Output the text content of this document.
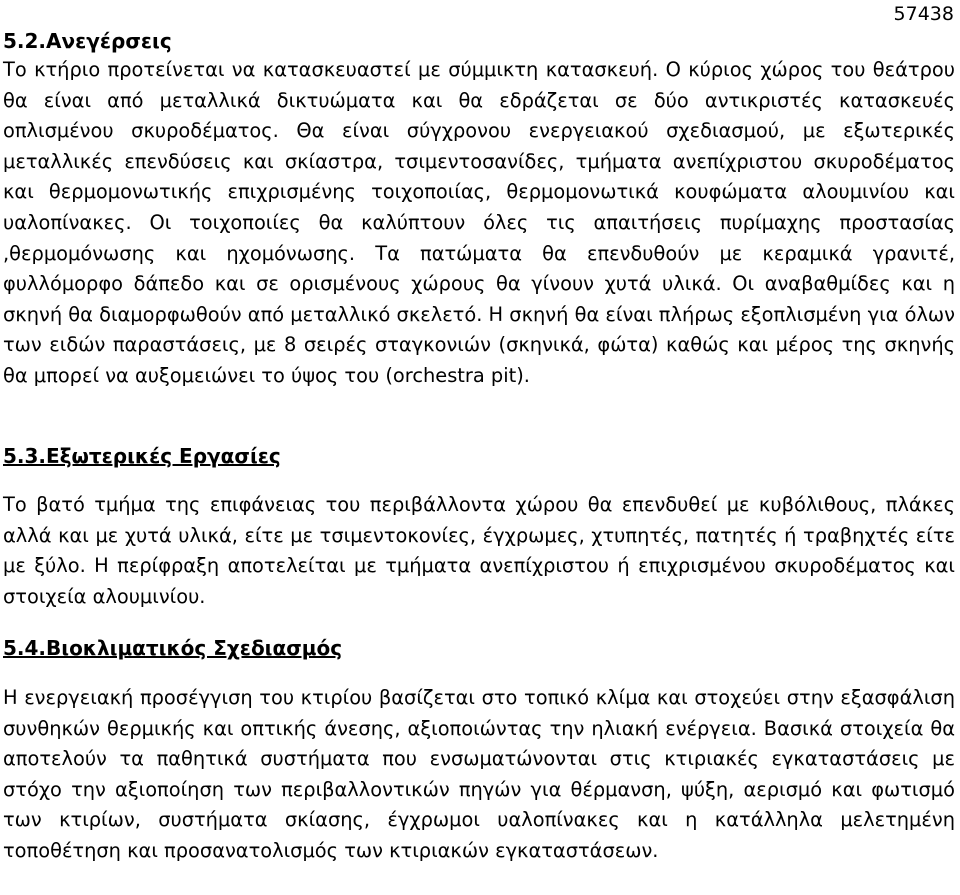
57438
5.2.Ανεγέρσεις

Το κτήριο προτείνεται να κατασκευαστεί με σύμμικτη κατασκευή. Ο κύριος χώρος του θεάτρου θα είναι από μεταλλικά δικτυώματα και θα εδράζεται σε δύο αντικριστές κατασκευές οπλισμένου σκυροδέματος. Θα είναι σύγχρονου ενεργειακού σχεδιασμού, με εξωτερικές μεταλλικές επενδύσεις και σκίαστρα, τσιμεντοσανίδες, τμήματα ανεπίχριστου σκυροδέματος και θερμομονωτικής επιχρισμένης τοιχοποιίας, θερμομονωτικά κουφώματα αλουμινίου και υαλοπίνακες. Οι τοιχοποιίες θα καλύπτουν όλες τις απαιτήσεις πυρίμαχης προστασίας ,θερμομόνωσης και ηχομόνωσης. Τα πατώματα θα επενδυθούν με κεραμικά γρανιτέ, φυλλόμορφο δάπεδο και σε ορισμένους χώρους θα γίνουν χυτά υλικά. Οι αναβαθμίδες και η σκηνή θα διαμορφωθούν από μεταλλικό σκελετό. Η σκηνή θα είναι πλήρως εξοπλισμένη για όλων των ειδών παραστάσεις, με 8 σειρές σταγκονιών (σκηνικά, φώτα) καθώς και μέρος της σκηνής θα μπορεί να αυξομειώνει το ύψος του (orchestra pit).

5.3.Εξωτερικές Εργασίες

Το βατό τμήμα της επιφάνειας του περιβάλλοντα χώρου θα επενδυθεί με κυβόλιθους, πλάκες αλλά και με χυτά υλικά, είτε με τσιμεντοκονίες, έγχρωμες, χτυπητές, πατητές ή τραβηχτές είτε με ξύλο. Η περίφραξη αποτελείται με τμήματα ανεπίχριστου ή επιχρισμένου σκυροδέματος και στοιχεία αλουμινίου.

5.4.Βιοκλιματικός Σχεδιασμός

Η ενεργειακή προσέγγιση του κτιρίου βασίζεται στο τοπικό κλίμα και στοχεύει στην εξασφάλιση συνθηκών θερμικής και οπτικής άνεσης, αξιοποιώντας την ηλιακή ενέργεια. Βασικά στοιχεία θα αποτελούν τα παθητικά συστήματα που ενσωματώνονται στις κτιριακές εγκαταστάσεις με στόχο την αξιοποίηση των περιβαλλοντικών πηγών για θέρμανση, ψύξη, αερισμό και φωτισμό των κτιρίων, συστήματα σκίασης, έγχρωμοι υαλοπίνακες και η κατάλληλα μελετημένη τοποθέτηση και προσανατολισμός των κτιριακών εγκαταστάσεων.
